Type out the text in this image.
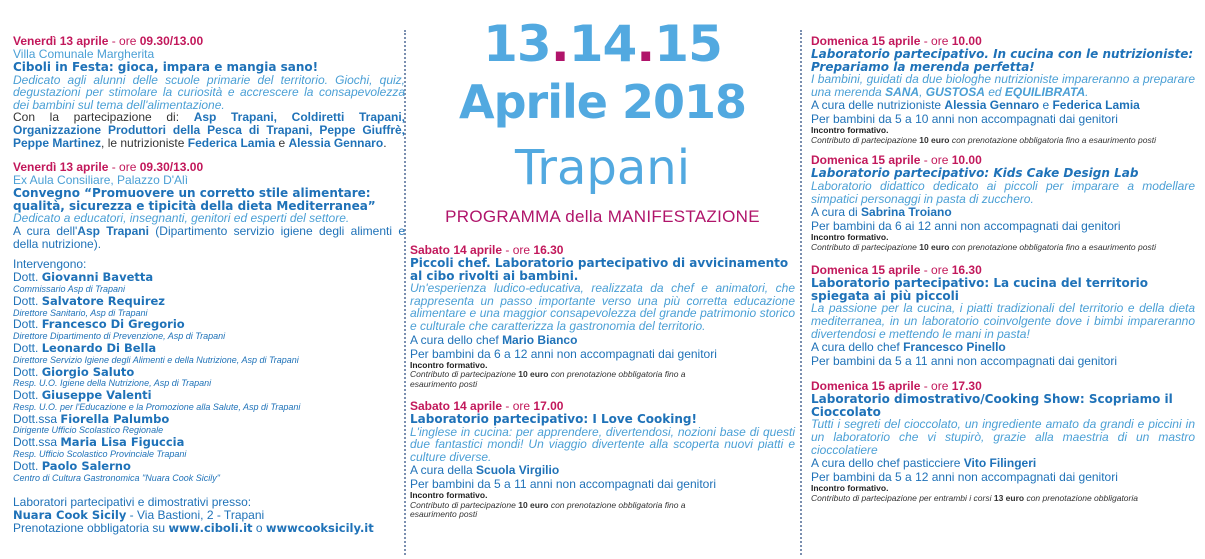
Venerdì 13 aprile - ore 09.30/13.00
Villa Comunale Margherita
Ciboli in Festa: gioca, impara e mangia sano!
Dedicato agli alunni delle scuole primarie del territorio. Giochi, quiz, degustazioni per stimolare la curiosità e accrescere la consapevolezza dei bambini sul tema dell'alimentazione.
Con la partecipazione di: Asp Trapani, Coldiretti Trapani, Organizzazione Produttori della Pesca di Trapani, Peppe Giuffrè, Peppe Martinez, le nutrizioniste Federica Lamia e Alessia Gennaro.
Venerdì 13 aprile - ore 09.30/13.00
Ex Aula Consiliare, Palazzo D'Alì
Convegno “Promuovere un corretto stile alimentare: qualità, sicurezza e tipicità della dieta Mediterranea”
Dedicato a educatori, insegnanti, genitori ed esperti del settore.
A cura dell'Asp Trapani (Dipartimento servizio igiene degli alimenti e della nutrizione).
Intervengono:
Dott. Giovanni Bavetta
Commissario Asp di Trapani
Dott. Salvatore Requirez
Direttore Sanitario, Asp di Trapani
Dott. Francesco Di Gregorio
Direttore Dipartimento di Prevenzione, Asp di Trapani
Dott. Leonardo Di Bella
Direttore Servizio Igiene degli Alimenti e della Nutrizione, Asp di Trapani
Dott. Giorgio Saluto
Resp. U.O. Igiene della Nutrizione, Asp di Trapani
Dott. Giuseppe Valenti
Resp. U.O. per l'Educazione e la Promozione alla Salute, Asp di Trapani
Dott.ssa Fiorella Palumbo
Dirigente Ufficio Scolastico Regionale
Dott.ssa Maria Lisa Figuccia
Resp. Ufficio Scolastico Provinciale Trapani
Dott. Paolo Salerno
Centro di Cultura Gastronomica "Nuara Cook Sicily"
Laboratori partecipativi e dimostrativi presso:
Nuara Cook Sicily - Via Bastioni, 2 - Trapani
Prenotazione obbligatoria su www.ciboli.it o wwwcooksicily.it
13.14.15
Aprile 2018
Trapani
PROGRAMMA della MANIFESTAZIONE
Sabato 14 aprile - ore 16.30
Piccoli chef. Laboratorio partecipativo di avvicinamento al cibo rivolti ai bambini.
Un'esperienza ludico-educativa, realizzata da chef e animatori, che rappresenta un passo importante verso una più corretta educazione alimentare e una maggior consapevolezza del grande patrimonio storico e culturale che caratterizza la gastronomia del territorio.
A cura dello chef Mario Bianco
Per bambini da 6 a 12 anni non accompagnati dai genitori
Incontro formativo.
Contributo di partecipazione 10 euro con prenotazione obbligatoria fino a esaurimento posti
Sabato 14 aprile - ore 17.00
Laboratorio partecipativo: I Love Cooking!
L'inglese in cucina: per apprendere, divertendosi, nozioni base di questi due fantastici mondi! Un viaggio divertente alla scoperta nuovi piatti e culture diverse.
A cura della Scuola Virgilio
Per bambini da 5 a 11 anni non accompagnati dai genitori
Incontro formativo.
Contributo di partecipazione 10 euro con prenotazione obbligatoria fino a esaurimento posti
Domenica 15 aprile - ore 10.00
Laboratorio partecipativo. In cucina con le nutrizioniste: Prepariamo la merenda perfetta!
I bambini, guidati da due biologhe nutrizioniste impareranno a preparare una merenda SANA, GUSTOSA ed EQUILIBRATA.
A cura delle nutrizioniste Alessia Gennaro e Federica Lamia
Per bambini da 5 a 10 anni non accompagnati dai genitori
Incontro formativo.
Contributo di partecipazione 10 euro con prenotazione obbligatoria fino a esaurimento posti
Domenica 15 aprile - ore 10.00
Laboratorio partecipativo: Kids Cake Design Lab
Laboratorio didattico dedicato ai piccoli per imparare a modellare simpatici personaggi in pasta di zucchero.
A cura di Sabrina Troiano
Per bambini da 6 ai 12 anni non accompagnati dai genitori
Incontro formativo.
Contributo di partecipazione 10 euro con prenotazione obbligatoria fino a esaurimento posti
Domenica 15 aprile - ore 16.30
Laboratorio partecipativo: La cucina del territorio spiegata ai più piccoli
La passione per la cucina, i piatti tradizionali del territorio e della dieta mediterranea, in un laboratorio coinvolgente dove i bimbi impareranno divertendosi e mettendo le mani in pasta!
A cura dello chef Francesco Pinello
Per bambini da 5 a 11 anni non accompagnati dai genitori
Domenica 15 aprile - ore 17.30
Laboratorio dimostrativo/Cooking Show: Scopriamo il Cioccolato
Tutti i segreti del cioccolato, un ingrediente amato da grandi e piccini in un laboratorio che vi stupirò, grazie alla maestria di un mastro cioccolatiere
A cura dello chef pasticciere Vito Filingeri
Per bambini da 5 a 12 anni non accompagnati dai genitori
Incontro formativo.
Contributo di partecipazione per entrambi i corsi 13 euro con prenotazione obbligatoria
